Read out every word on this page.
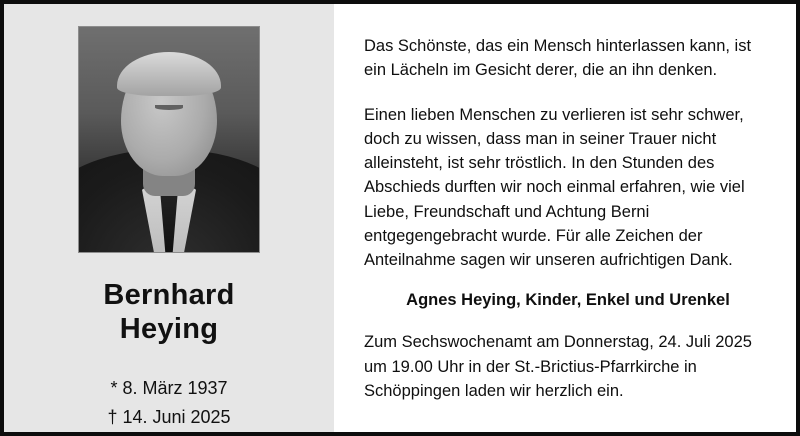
Bernhard
Heying
* 8. März 1937
† 14. Juni 2025

Das Schönste, das ein Mensch hinterlassen kann, ist ein Lächeln im Gesicht derer, die an ihn denken.

Einen lieben Menschen zu verlieren ist sehr schwer, doch zu wissen, dass man in seiner Trauer nicht alleinsteht, ist sehr tröstlich. In den Stunden des Abschieds durften wir noch einmal erfahren, wie viel Liebe, Freundschaft und Achtung Berni entgegengebracht wurde. Für alle Zeichen der Anteilnahme sagen wir unseren aufrichtigen Dank.

Agnes Heying, Kinder, Enkel und Urenkel

Zum Sechswochenamt am Donnerstag, 24. Juli 2025 um 19.00 Uhr in der St.-Brictius-Pfarrkirche in Schöppingen laden wir herzlich ein.
